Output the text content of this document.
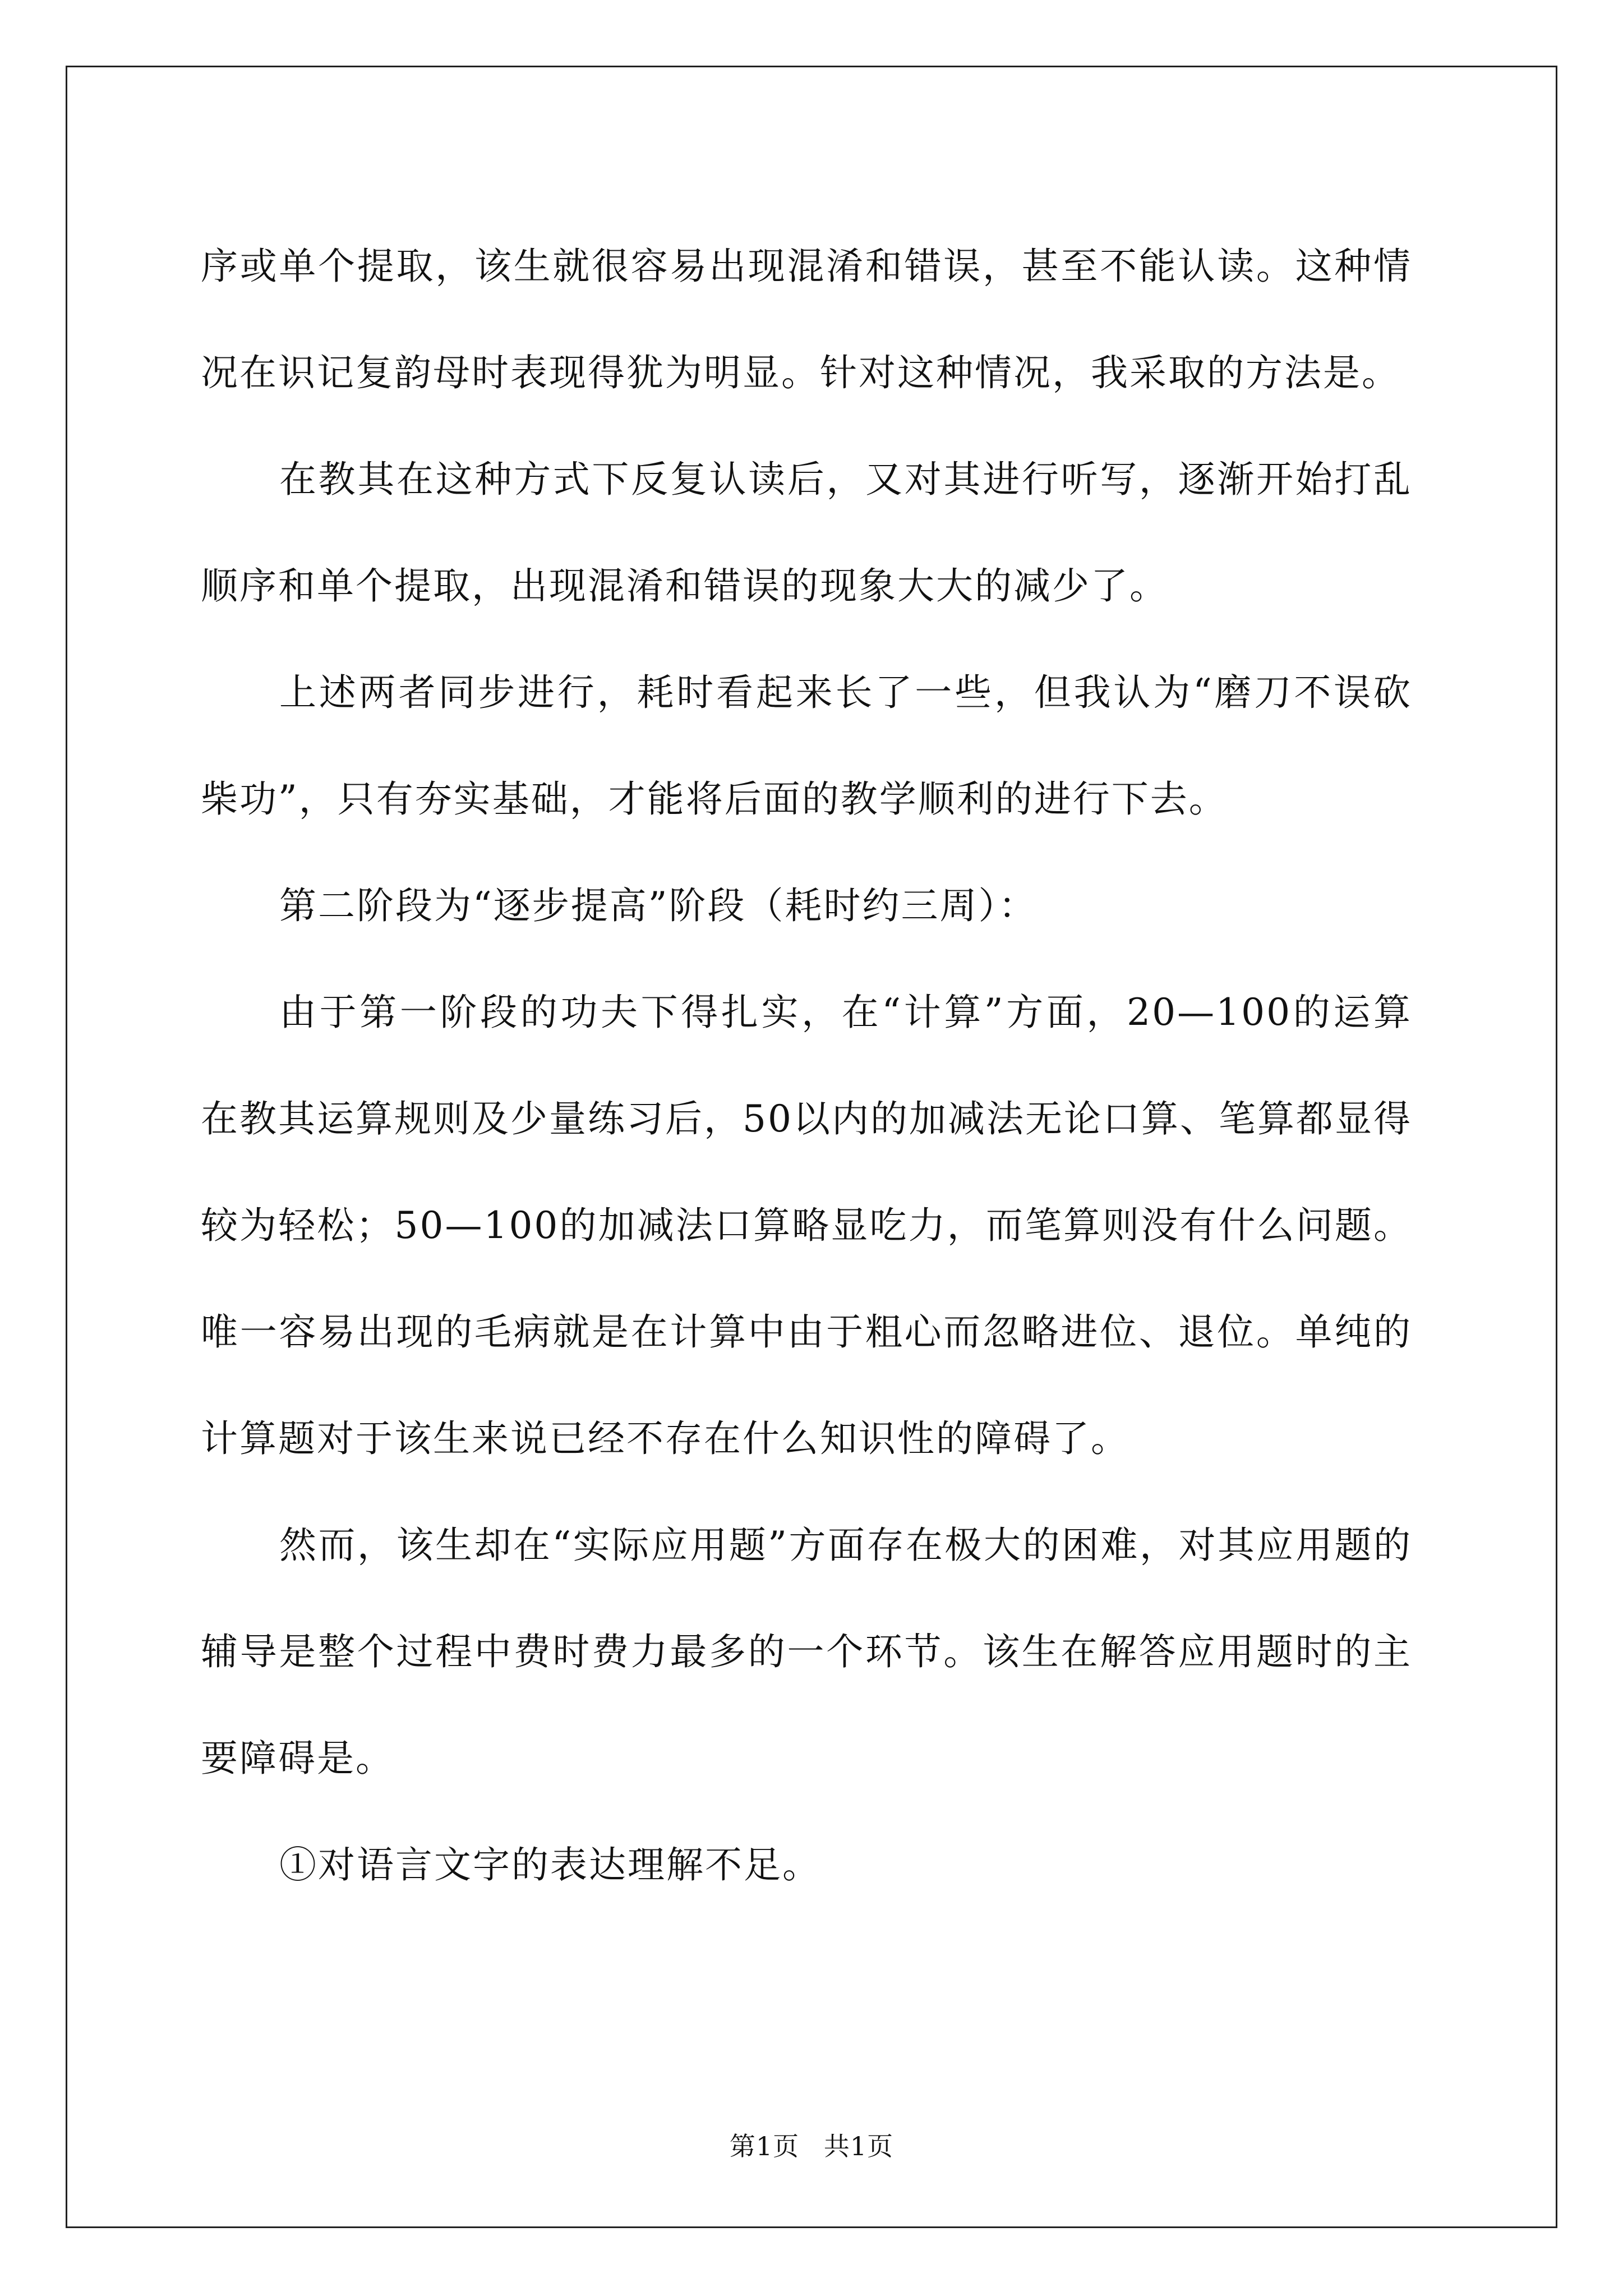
序或单个提取，该生就很容易出现混淆和错误，甚至不能认读。这种情况在识记复韵母时表现得犹为明显。针对这种情况，我采取的方法是。

在教其在这种方式下反复认读后，又对其进行听写，逐渐开始打乱顺序和单个提取，出现混淆和错误的现象大大的减少了。

上述两者同步进行，耗时看起来长了一些，但我认为“磨刀不误砍柴功”，只有夯实基础，才能将后面的教学顺利的进行下去。

第二阶段为“逐步提高”阶段（耗时约三周）：

由于第一阶段的功夫下得扎实，在“计算”方面，20—100的运算在教其运算规则及少量练习后，50以内的加减法无论口算、笔算都显得较为轻松；50—100的加减法口算略显吃力，而笔算则没有什么问题。唯一容易出现的毛病就是在计算中由于粗心而忽略进位、退位。单纯的计算题对于该生来说已经不存在什么知识性的障碍了。

然而，该生却在“实际应用题”方面存在极大的困难，对其应用题的辅导是整个过程中费时费力最多的一个环节。该生在解答应用题时的主要障碍是。

①对语言文字的表达理解不足。

第1页 共1页
